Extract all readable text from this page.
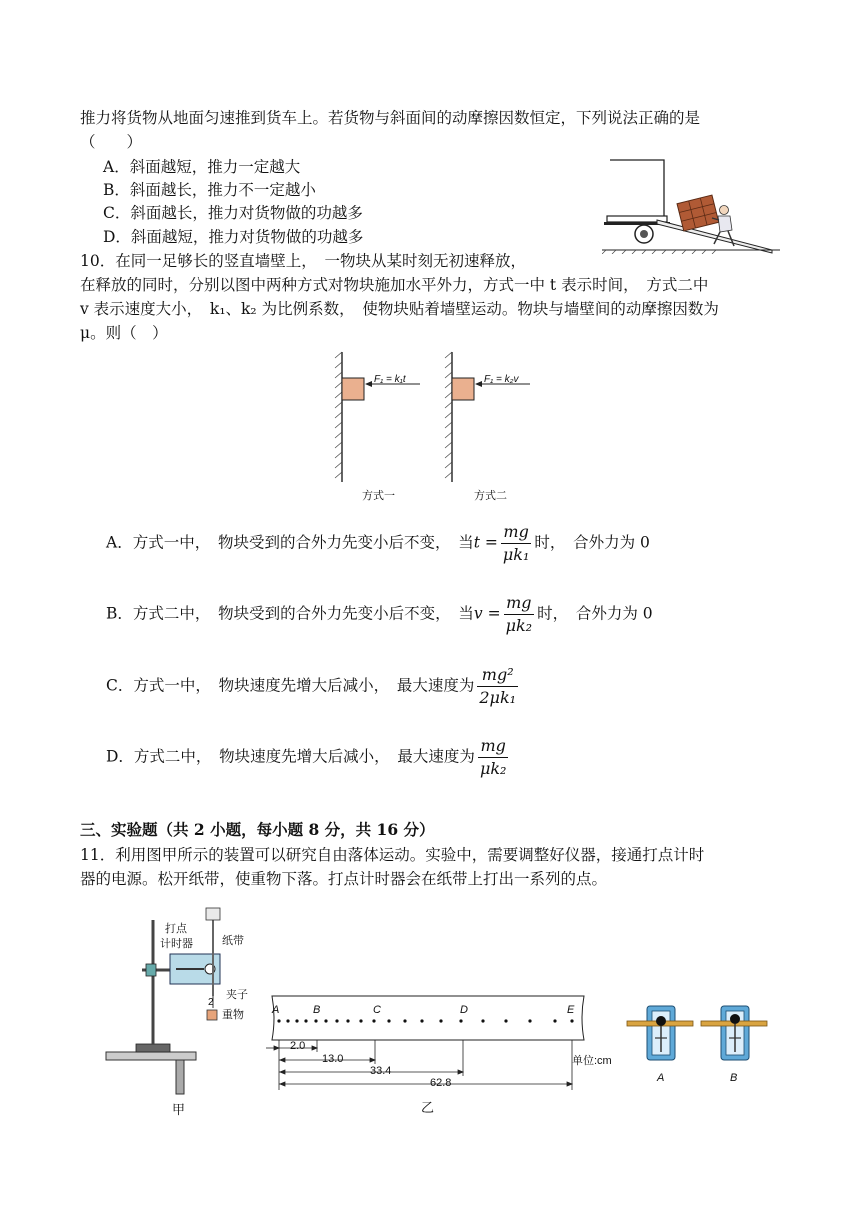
推力将货物从地面匀速推到货车上。若货物与斜面间的动摩擦因数恒定，下列说法正确的是
（　　）
A．斜面越短，推力一定越大
B．斜面越长，推力不一定越小
C．斜面越长，推力对货物做的功越多
D．斜面越短，推力对货物做的功越多
10．在同一足够长的竖直墙壁上，　一物块从某时刻无初速释放，
在释放的同时，分别以图中两种方式对物块施加水平外力，方式一中 t 表示时间，　方式二中
v 表示速度大小，　k₁、k₂ 为比例系数，　使物块贴着墙壁运动。物块与墙壁间的动摩擦因数为
μ。则（　）
F₁ = k₁t	F₁ = k₂v
方式一	方式二
A．方式一中，　物块受到的合外力先变小后不变，　当$t = \frac{mg}{\text{μk₁}}$ 时，　合外力为 0
B．方式二中，　物块受到的合外力先变小后不变，　当$v = \frac{mg}{\text{μk₂}}$ 时，　合外力为 0
C．方式一中，　物块速度先增大后减小，　最大速度为 $\frac{\text{mg²}}{\text{2μk₁}}$
D．方式二中，　物块速度先增大后减小，　最大速度为 $\frac{mg}{\text{μk₂}}$
三、实验题（共 2 小题，每小题 8 分，共 16 分）
11．利用图甲所示的装置可以研究自由落体运动。实验中，需要调整好仪器，接通打点计时
器的电源。松开纸带，使重物下落。打点计时器会在纸带上打出一系列的点。
打点
计时器	纸带
夹子
2
重物
甲
A	B	C	D	E
2.0
13.0
33.4
62.8
单位:cm
乙
A	B
